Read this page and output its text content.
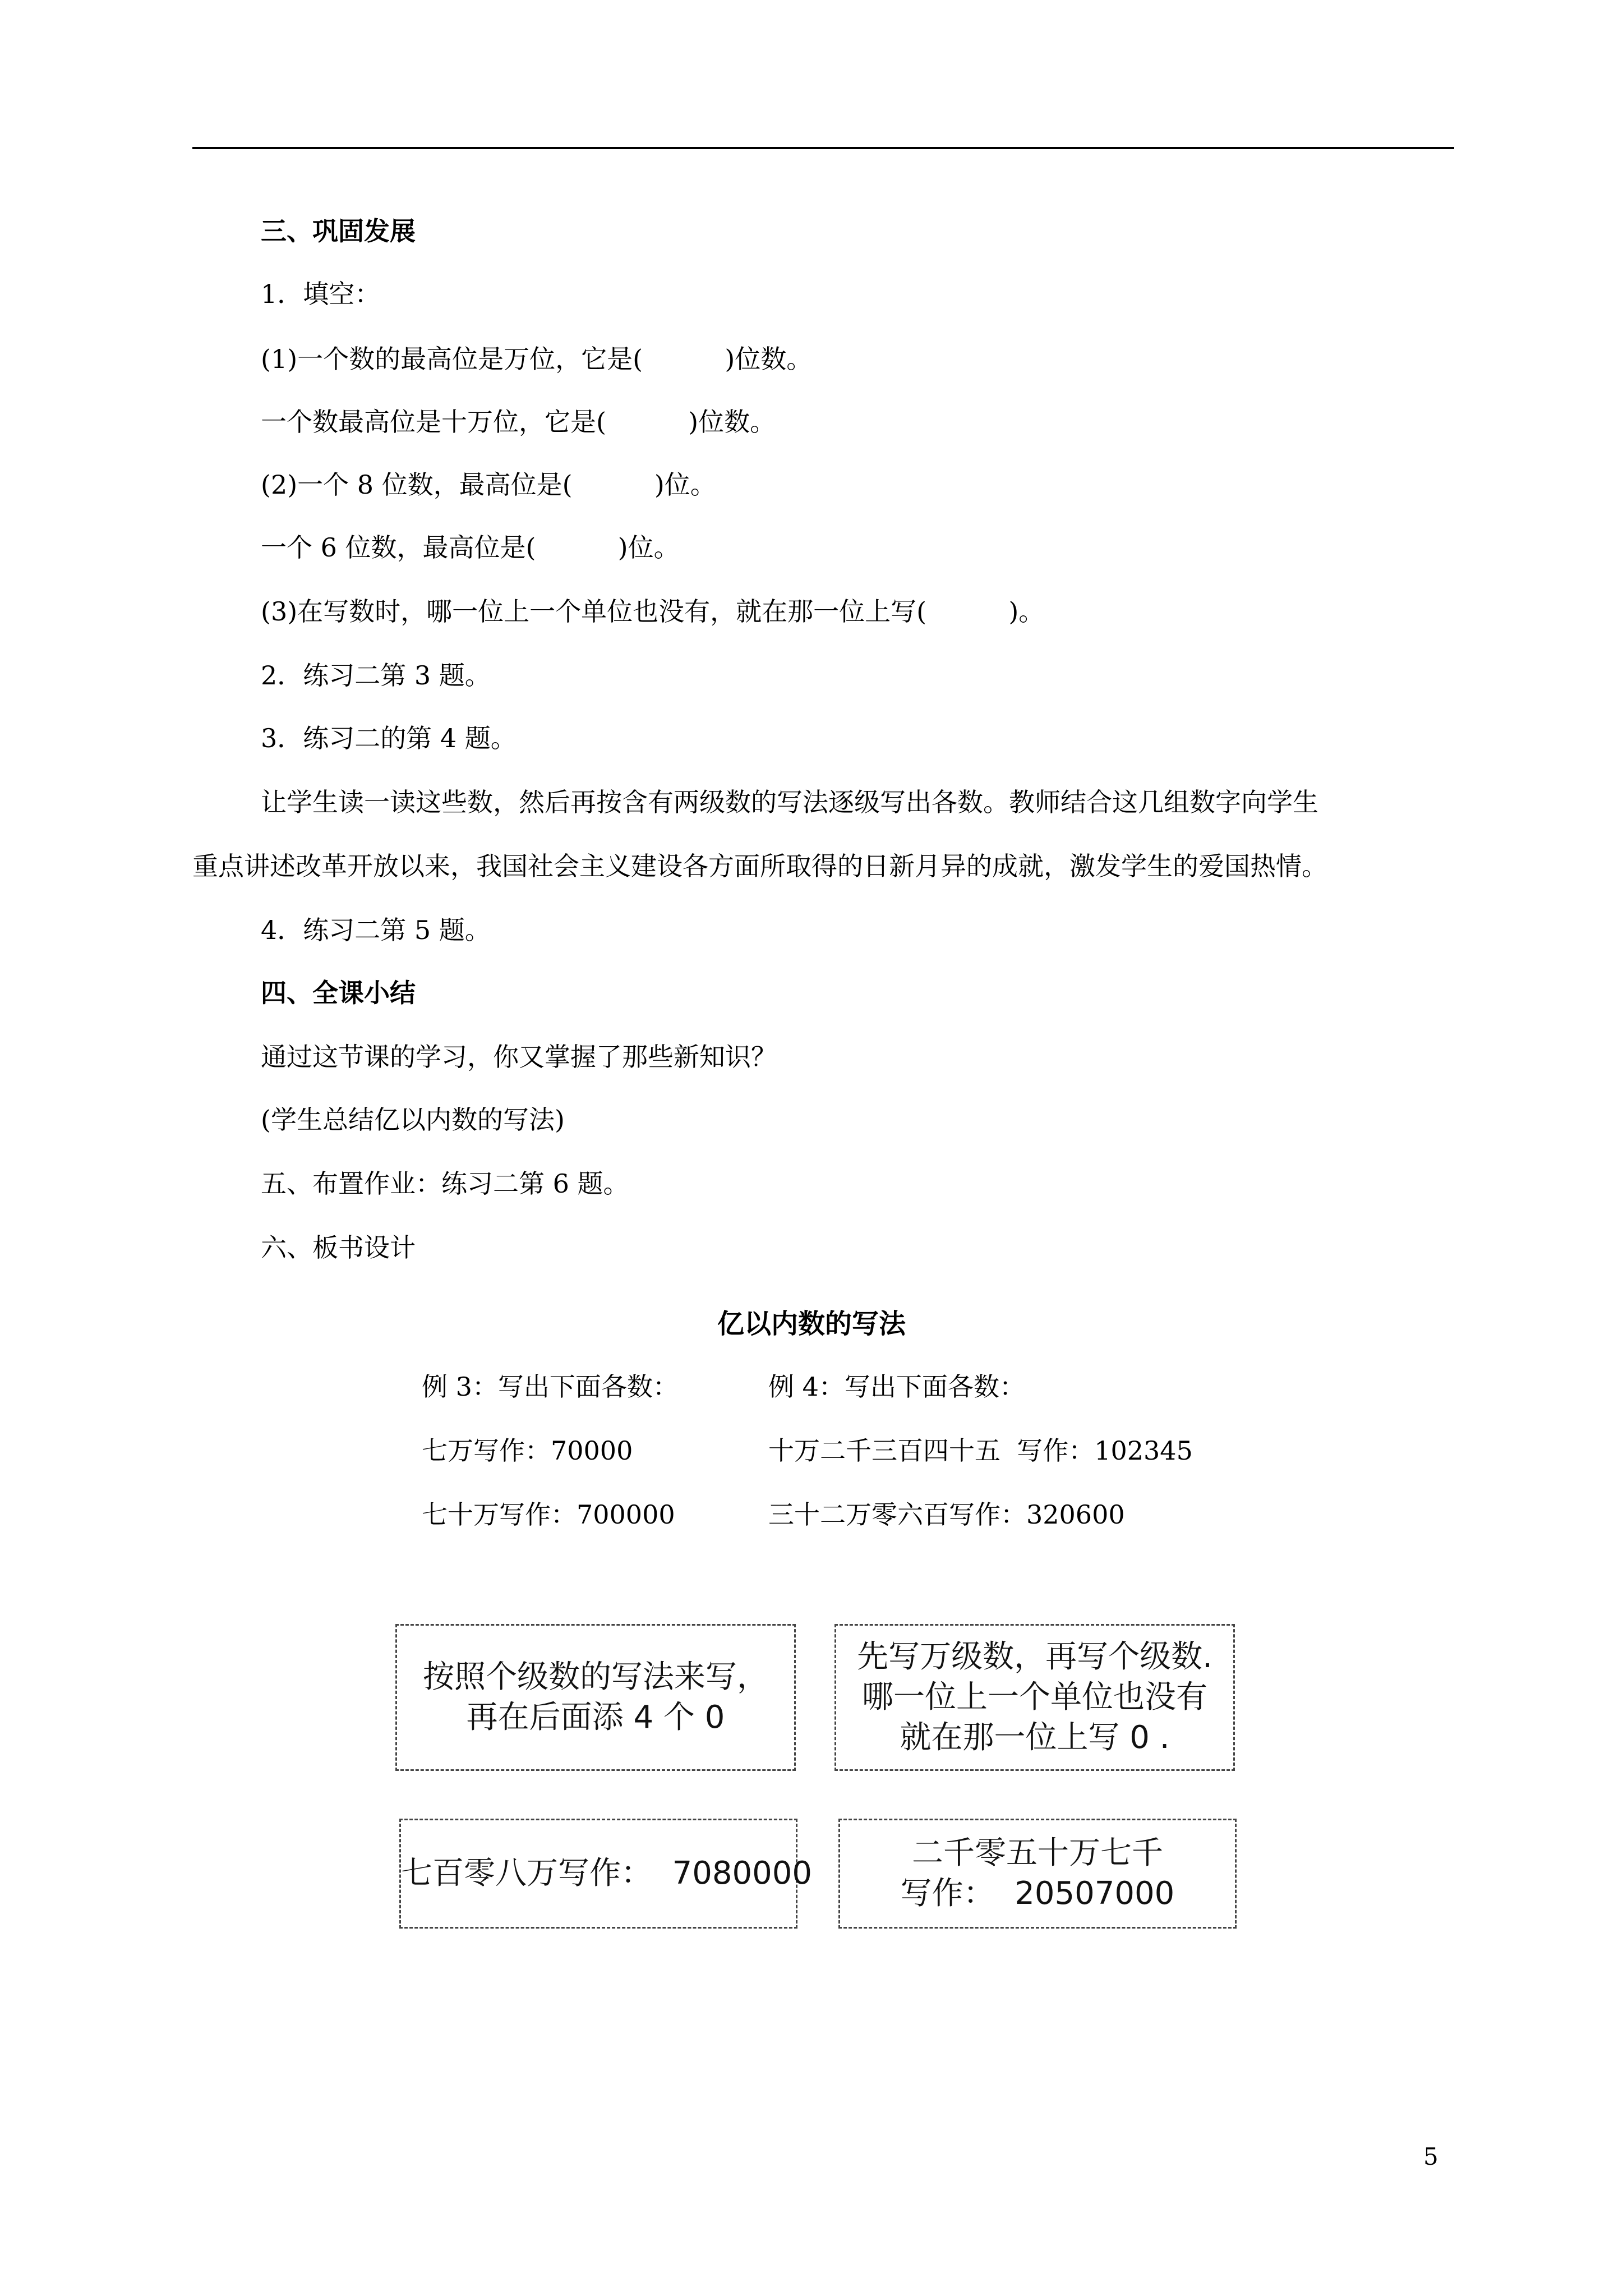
三、巩固发展
1．填空：
(1)一个数的最高位是万位，它是(          )位数。
一个数最高位是十万位，它是(          )位数。
(2)一个 8 位数，最高位是(          )位。
一个 6 位数，最高位是(          )位。
(3)在写数时，哪一位上一个单位也没有，就在那一位上写(          )。
2．练习二第 3 题。
3．练习二的第 4 题。
让学生读一读这些数，然后再按含有两级数的写法逐级写出各数。教师结合这几组数字向学生
重点讲述改革开放以来，我国社会主义建设各方面所取得的日新月异的成就，激发学生的爱国热情。
4．练习二第 5 题。
四、全课小结
通过这节课的学习，你又掌握了那些新知识？
(学生总结亿以内数的写法)
五、布置作业：练习二第 6 题。
六、板书设计
亿以内数的写法
例 3：写出下面各数：	例 4：写出下面各数：
七万写作：70000	十万二千三百四十五  写作：102345
七十万写作：700000	三十二万零六百写作：320600
按照个级数的写法来写，
再在后面添 4 个 0
先写万级数，再写个级数.
哪一位上一个单位也没有
就在那一位上写 0 .
七百零八万写作：  7080000
二千零五十万七千
写作：  20507000
5
